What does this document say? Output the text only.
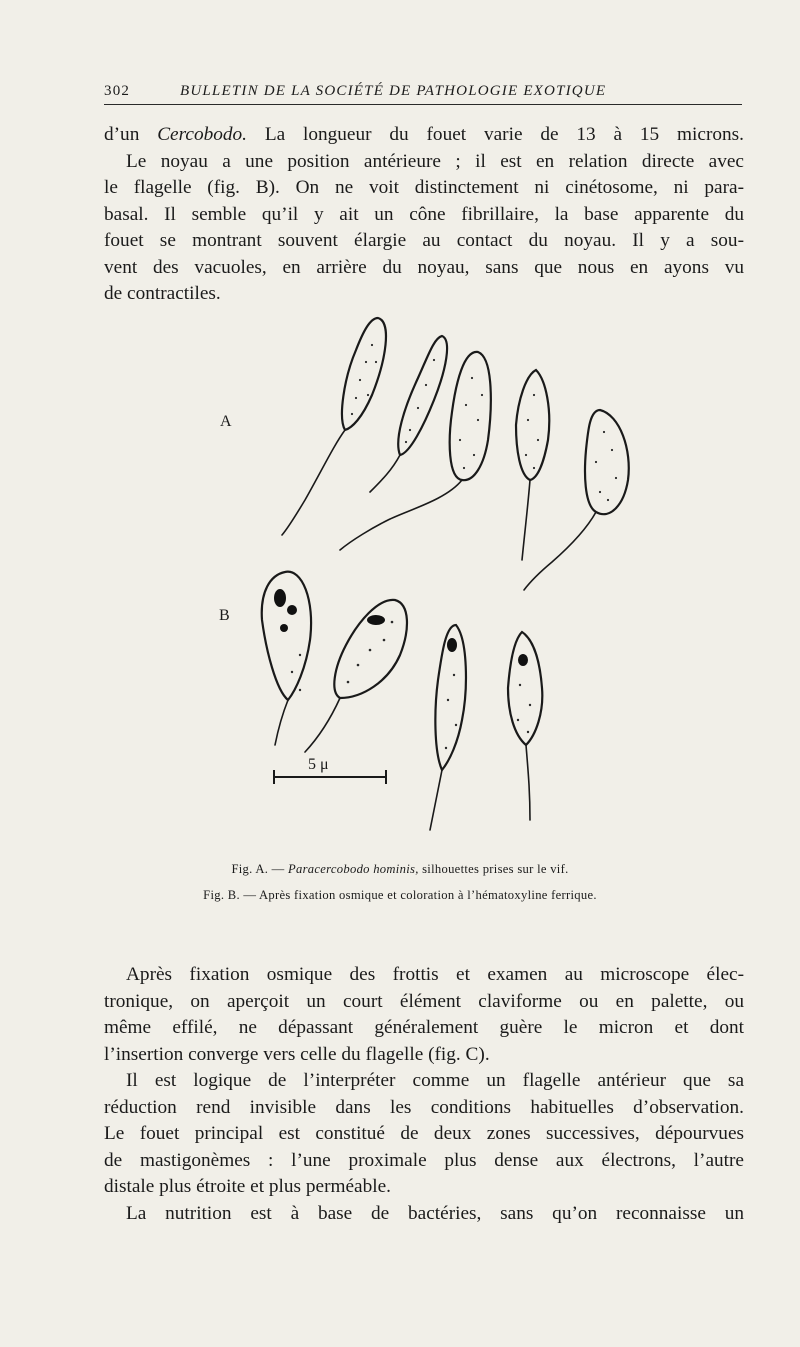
302	BULLETIN DE LA SOCIÉTÉ DE PATHOLOGIE EXOTIQUE
d’un Cercobodo. La longueur du fouet varie de 13 à 15 microns.
Le noyau a une position antérieure ; il est en relation directe avec
le flagelle (fig. B). On ne voit distinctement ni cinétosome, ni para-
basal. Il semble qu’il y ait un cône fibrillaire, la base apparente du
fouet se montrant souvent élargie au contact du noyau. Il y a sou-
vent des vacuoles, en arrière du noyau, sans que nous en ayons vu
de contractiles.
A
B
5 μ
Fig. A. — Paracercobodo hominis, silhouettes prises sur le vif.
Fig. B. — Après fixation osmique et coloration à l’hématoxyline ferrique.
Après fixation osmique des frottis et examen au microscope élec-
tronique, on aperçoit un court élément claviforme ou en palette, ou
même effilé, ne dépassant généralement guère le micron et dont
l’insertion converge vers celle du flagelle (fig. C).
Il est logique de l’interpréter comme un flagelle antérieur que sa
réduction rend invisible dans les conditions habituelles d’observation.
Le fouet principal est constitué de deux zones successives, dépourvues
de mastigonèmes : l’une proximale plus dense aux électrons, l’autre
distale plus étroite et plus perméable.
La nutrition est à base de bactéries, sans qu’on reconnaisse un
